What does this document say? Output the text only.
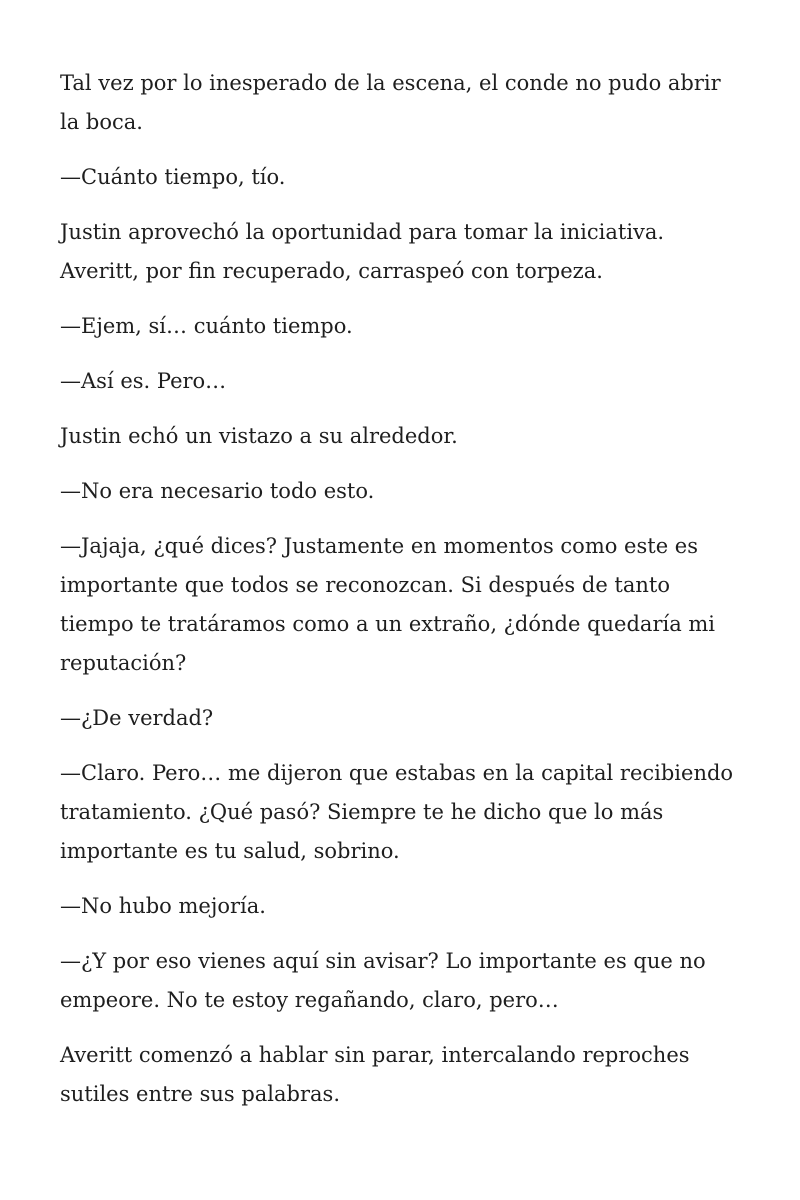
Tal vez por lo inesperado de la escena, el conde no pudo abrir la boca.

—Cuánto tiempo, tío.

Justin aprovechó la oportunidad para tomar la iniciativa. Averitt, por fin recuperado, carraspeó con torpeza.

—Ejem, sí… cuánto tiempo.

—Así es. Pero…

Justin echó un vistazo a su alrededor.

—No era necesario todo esto.

—Jajaja, ¿qué dices? Justamente en momentos como este es importante que todos se reconozcan. Si después de tanto tiempo te tratáramos como a un extraño, ¿dónde quedaría mi reputación?

—¿De verdad?

—Claro. Pero… me dijeron que estabas en la capital recibiendo tratamiento. ¿Qué pasó? Siempre te he dicho que lo más importante es tu salud, sobrino.

—No hubo mejoría.

—¿Y por eso vienes aquí sin avisar? Lo importante es que no empeore. No te estoy regañando, claro, pero…

Averitt comenzó a hablar sin parar, intercalando reproches sutiles entre sus palabras.
